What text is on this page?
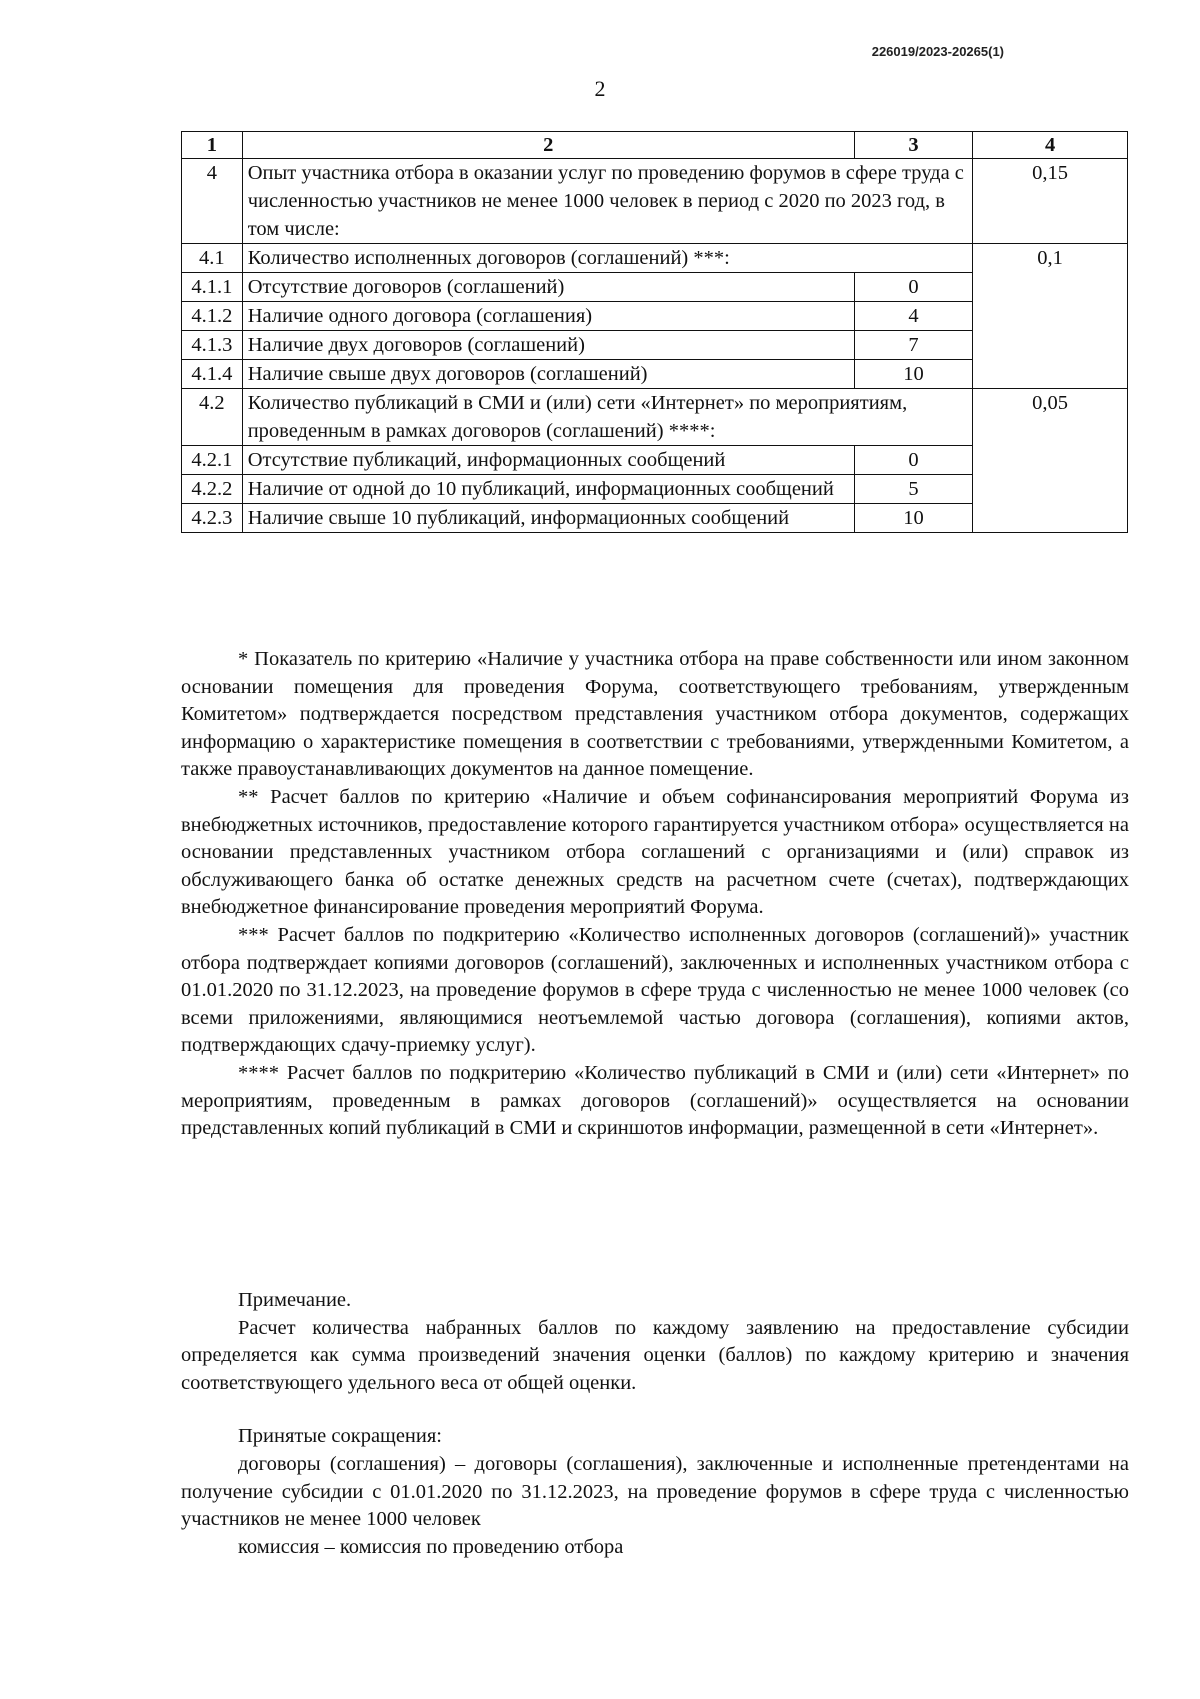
226019/2023-20265(1)
2
1	2	3	4
4	Опыт участника отбора в оказании услуг по проведению форумов в сфере труда с численностью участников не менее 1000 человек в период с 2020 по 2023 год, в том числе:		0,15
4.1	Количество исполненных договоров (соглашений) ***:		0,1
4.1.1	Отсутствие договоров (соглашений)	0	
4.1.2	Наличие одного договора (соглашения)	4	
4.1.3	Наличие двух договоров (соглашений)	7	
4.1.4	Наличие свыше двух договоров (соглашений)	10	
4.2	Количество публикаций в СМИ и (или) сети «Интернет» по мероприятиям, проведенным в рамках договоров (соглашений) ****:		0,05
4.2.1	Отсутствие публикаций, информационных сообщений	0	
4.2.2	Наличие от одной до 10 публикаций, информационных сообщений	5	
4.2.3	Наличие свыше 10 публикаций, информационных сообщений	10	

* Показатель по критерию «Наличие у участника отбора на праве собственности или ином законном основании помещения для проведения Форума, соответствующего требованиям, утвержденным Комитетом» подтверждается посредством представления участником отбора документов, содержащих информацию о характеристике помещения в соответствии с требованиями, утвержденными Комитетом, а также правоустанавливающих документов на данное помещение.

** Расчет баллов по критерию «Наличие и объем софинансирования мероприятий Форума из внебюджетных источников, предоставление которого гарантируется участником отбора» осуществляется на основании представленных участником отбора соглашений с организациями и (или) справок из обслуживающего банка об остатке денежных средств на расчетном счете (счетах), подтверждающих внебюджетное финансирование проведения мероприятий Форума.

*** Расчет баллов по подкритерию «Количество исполненных договоров (соглашений)» участник отбора подтверждает копиями договоров (соглашений), заключенных и исполненных участником отбора с 01.01.2020 по 31.12.2023, на проведение форумов в сфере труда с численностью не менее 1000 человек (со всеми приложениями, являющимися неотъемлемой частью договора (соглашения), копиями актов, подтверждающих сдачу-приемку услуг).

**** Расчет баллов по подкритерию «Количество публикаций в СМИ и (или) сети «Интернет» по мероприятиям, проведенным в рамках договоров (соглашений)» осуществляется на основании представленных копий публикаций в СМИ и скриншотов информации, размещенной в сети «Интернет».

Примечание.

Расчет количества набранных баллов по каждому заявлению на предоставление субсидии определяется как сумма произведений значения оценки (баллов) по каждому критерию и значения соответствующего удельного веса от общей оценки.

Принятые сокращения:

договоры (соглашения) – договоры (соглашения), заключенные и исполненные претендентами на получение субсидии с 01.01.2020 по 31.12.2023, на проведение форумов в сфере труда с численностью участников не менее 1000 человек

комиссия – комиссия по проведению отбора
